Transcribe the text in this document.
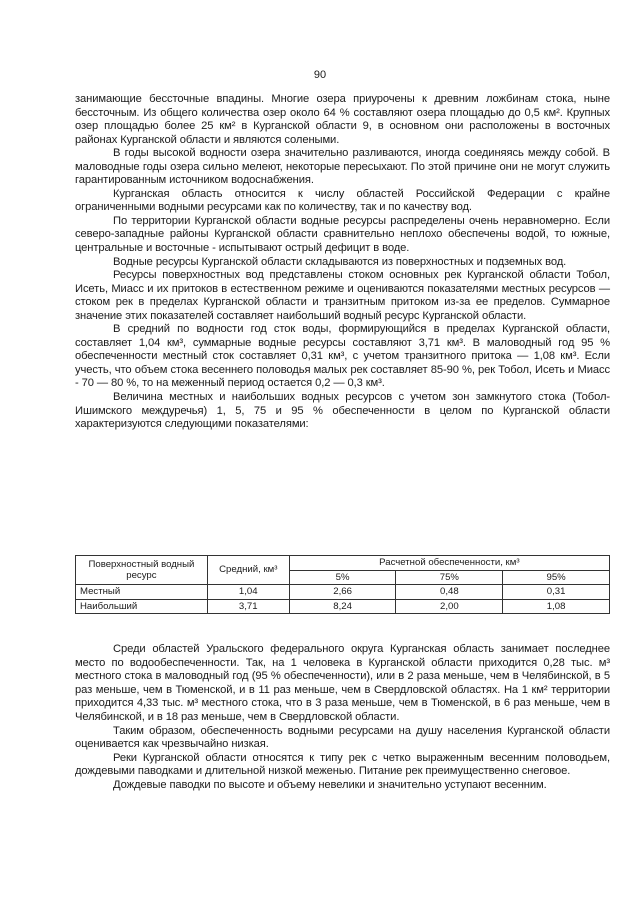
90

занимающие бессточные впадины. Многие озера приурочены к древним ложбинам стока, ныне бессточным. Из общего количества озер около 64 % составляют озера площадью до 0,5 км². Крупных озер площадью более 25 км² в Курганской области 9, в основном они расположены в восточных районах Курганской области и являются солеными.

В годы высокой водности озера значительно разливаются, иногда соединяясь между собой. В маловодные годы озера сильно мелеют, некоторые пересыхают. По этой причине они не могут служить гарантированным источником водоснабжения.

Курганская область относится к числу областей Российской Федерации с крайне ограниченными водными ресурсами как по количеству, так и по качеству вод.

По территории Курганской области водные ресурсы распределены очень неравномерно. Если северо-западные районы Курганской области сравнительно неплохо обеспечены водой, то южные, центральные и восточные - испытывают острый дефицит в воде.

Водные ресурсы Курганской области складываются из поверхностных и подземных вод.

Ресурсы поверхностных вод представлены стоком основных рек Курганской области Тобол, Исеть, Миасс и их притоков в естественном режиме и оцениваются показателями местных ресурсов — стоком рек в пределах Курганской области и транзитным притоком из-за ее пределов. Суммарное значение этих показателей составляет наибольший водный ресурс Курганской области.

В средний по водности год сток воды, формирующийся в пределах Курганской области, составляет 1,04 км³, суммарные водные ресурсы составляют 3,71 км³. В маловодный год 95 % обеспеченности местный сток составляет 0,31 км³, с учетом транзитного притока — 1,08 км³. Если учесть, что объем стока весеннего половодья малых рек составляет 85-90 %, рек Тобол, Исеть и Миасс - 70 — 80 %, то на меженный период остается 0,2 — 0,3 км³.

Величина местных и наибольших водных ресурсов с учетом зон замкнутого стока (Тобол-Ишимского междуречья) 1, 5, 75 и 95 % обеспеченности в целом по Курганской области характеризуются следующими показателями:

Поверхностный водный ресурс	Средний, км³	Расчетной обеспеченности, км³		
		5%	75%	95%
Местный	1,04	2,66	0,48	0,31
Наибольший	3,71	8,24	2,00	1,08

Среди областей Уральского федерального округа Курганская область занимает последнее место по водообеспеченности. Так, на 1 человека в Курганской области приходится 0,28 тыс. м³ местного стока в маловодный год (95 % обеспеченности), или в 2 раза меньше, чем в Челябинской, в 5 раз меньше, чем в Тюменской, и в 11 раз меньше, чем в Свердловской областях. На 1 км² территории приходится 4,33 тыс. м³ местного стока, что в 3 раза меньше, чем в Тюменской, в 6 раз меньше, чем в Челябинской, и в 18 раз меньше, чем в Свердловской области.

Таким образом, обеспеченность водными ресурсами на душу населения Курганской области оценивается как чрезвычайно низкая.

Реки Курганской области относятся к типу рек с четко выраженным весенним половодьем, дождевыми паводками и длительной низкой меженью. Питание рек преимущественно снеговое.

Дождевые паводки по высоте и объему невелики и значительно уступают весенним.
